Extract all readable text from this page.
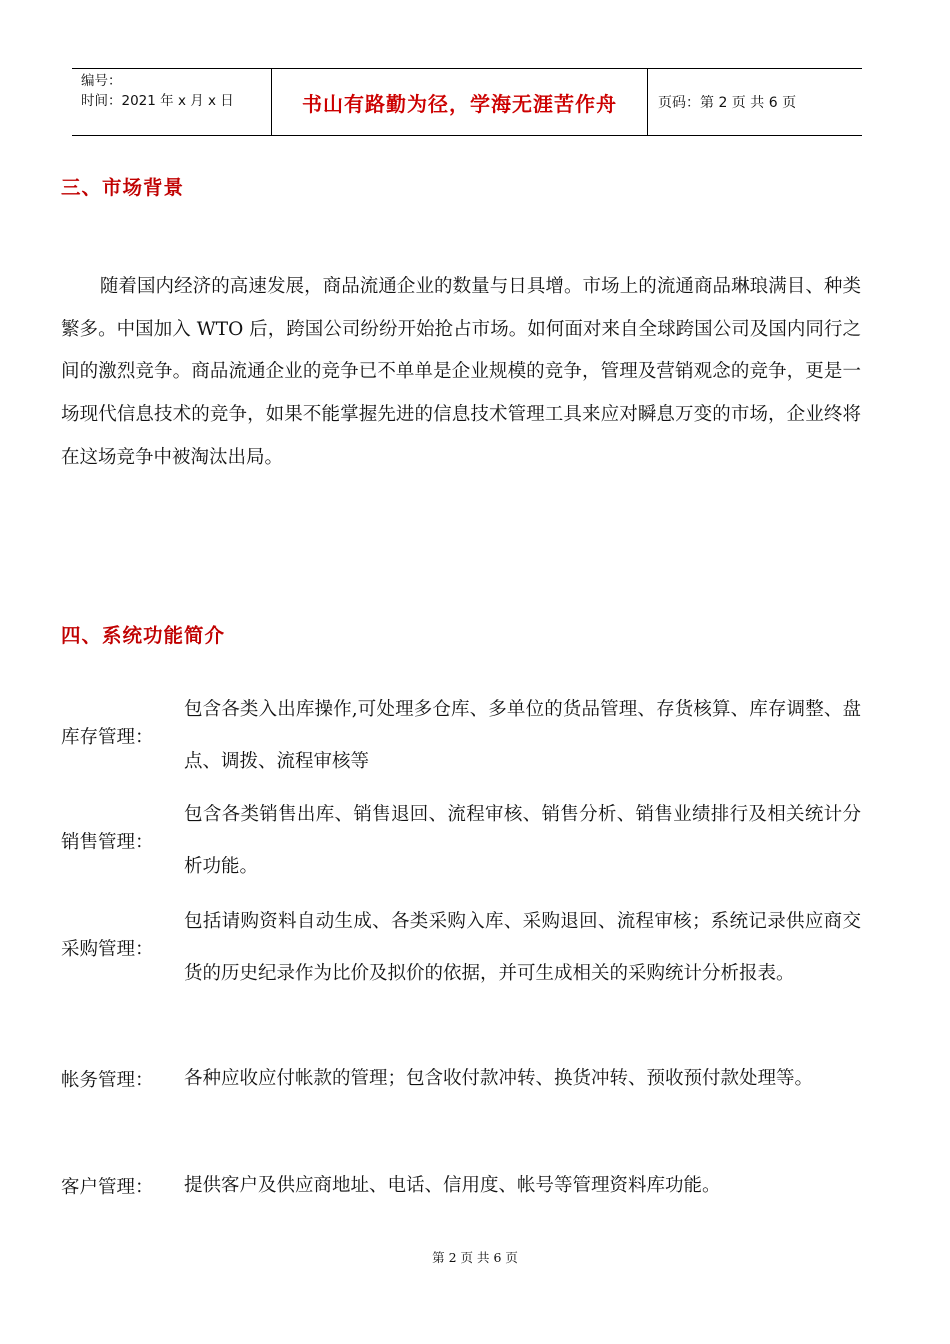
编号：
时间：2021 年 x 月 x 日	书山有路勤为径，学海无涯苦作舟	页码：第 2 页 共 6 页
三、市场背景

随着国内经济的高速发展，商品流通企业的数量与日具增。市场上的流通商品琳琅满目、种类繁多。中国加入 WTO 后，跨国公司纷纷开始抢占市场。如何面对来自全球跨国公司及国内同行之间的激烈竞争。商品流通企业的竞争已不单单是企业规模的竞争，管理及营销观念的竞争，更是一场现代信息技术的竞争，如果不能掌握先进的信息技术管理工具来应对瞬息万变的市场，企业终将在这场竞争中被淘汰出局。

四、系统功能简介
库存管理：
包含各类入出库操作,可处理多仓库、多单位的货品管理、存货核算、库存调整、盘点、调拨、流程审核等
销售管理：
包含各类销售出库、销售退回、流程审核、销售分析、销售业绩排行及相关统计分析功能。
采购管理：
包括请购资料自动生成、各类采购入库、采购退回、流程审核；系统记录供应商交货的历史纪录作为比价及拟价的依据，并可生成相关的采购统计分析报表。
帐务管理：	各种应收应付帐款的管理；包含收付款冲转、换货冲转、预收预付款处理等。
客户管理：	提供客户及供应商地址、电话、信用度、帐号等管理资料库功能。
第 2 页 共 6 页
